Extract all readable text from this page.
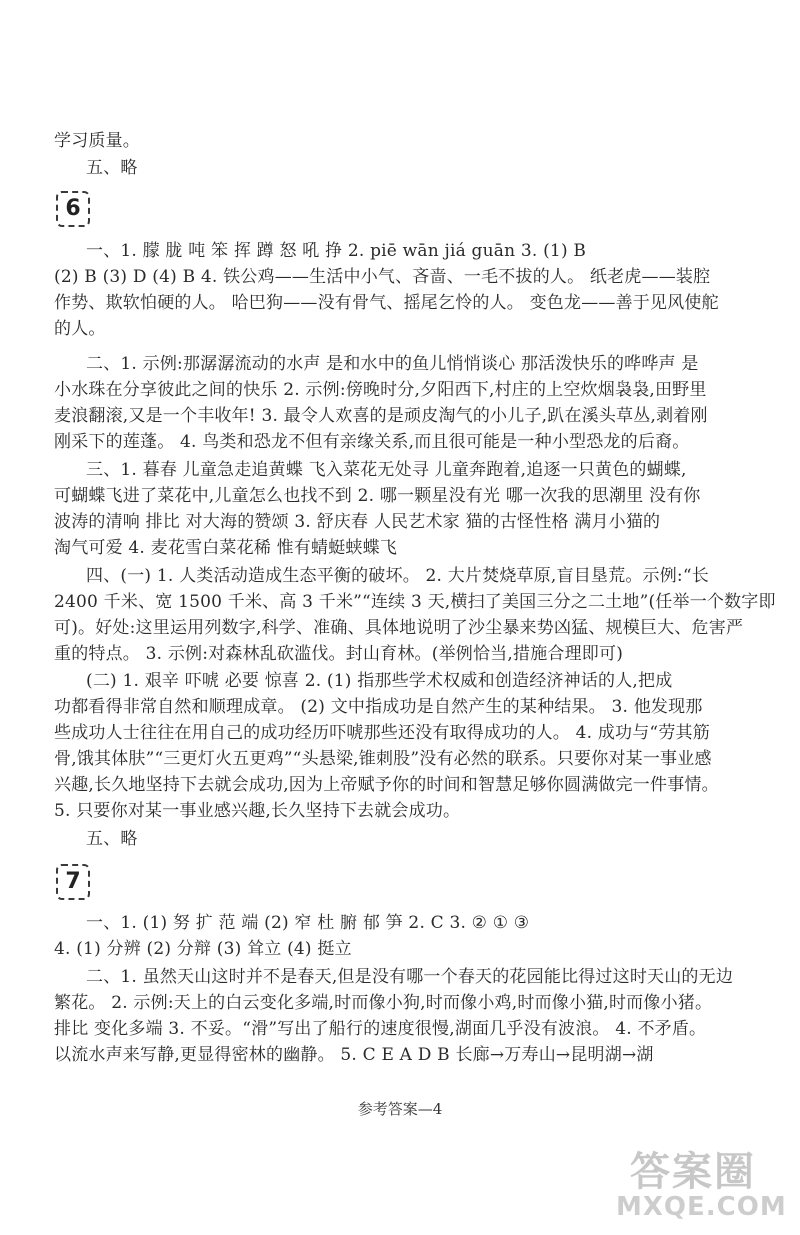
学习质量。
五、略
6
一、1. 朦 胧 吨 笨 挥 蹲 怒 吼 挣 2. piē wān jiá guān 3. (1) B
(2) B (3) D (4) B 4. 铁公鸡——生活中小气、吝啬、一毛不拔的人。 纸老虎——装腔
作势、欺软怕硬的人。 哈巴狗——没有骨气、摇尾乞怜的人。 变色龙——善于见风使舵
的人。
二、1. 示例:那潺潺流动的水声 是和水中的鱼儿悄悄谈心 那活泼快乐的哗哗声 是
小水珠在分享彼此之间的快乐 2. 示例:傍晚时分,夕阳西下,村庄的上空炊烟袅袅,田野里
麦浪翻滚,又是一个丰收年! 3. 最令人欢喜的是顽皮淘气的小儿子,趴在溪头草丛,剥着刚
刚采下的莲蓬。 4. 鸟类和恐龙不但有亲缘关系,而且很可能是一种小型恐龙的后裔。
三、1. 暮春 儿童急走追黄蝶 飞入菜花无处寻 儿童奔跑着,追逐一只黄色的蝴蝶,
可蝴蝶飞进了菜花中,儿童怎么也找不到 2. 哪一颗星没有光 哪一次我的思潮里 没有你
波涛的清响 排比 对大海的赞颂 3. 舒庆春 人民艺术家 猫的古怪性格 满月小猫的
淘气可爱 4. 麦花雪白菜花稀 惟有蜻蜓蛱蝶飞
四、(一) 1. 人类活动造成生态平衡的破坏。 2. 大片焚烧草原,盲目垦荒。示例:“长
2400 千米、宽 1500 千米、高 3 千米”“连续 3 天,横扫了美国三分之二土地”(任举一个数字即
可)。好处:这里运用列数字,科学、准确、具体地说明了沙尘暴来势凶猛、规模巨大、危害严
重的特点。 3. 示例:对森林乱砍滥伐。封山育林。(举例恰当,措施合理即可)
(二) 1. 艰辛 吓唬 必要 惊喜 2. (1) 指那些学术权威和创造经济神话的人,把成
功都看得非常自然和顺理成章。 (2) 文中指成功是自然产生的某种结果。 3. 他发现那
些成功人士往往在用自己的成功经历吓唬那些还没有取得成功的人。 4. 成功与“劳其筋
骨,饿其体肤”“三更灯火五更鸡”“头悬梁,锥刺股”没有必然的联系。只要你对某一事业感
兴趣,长久地坚持下去就会成功,因为上帝赋予你的时间和智慧足够你圆满做完一件事情。
5. 只要你对某一事业感兴趣,长久坚持下去就会成功。
五、略
7
一、1. (1) 努 扩 范 端 (2) 窄 杜 腑 郁 笋 2. C 3. ② ① ③
4. (1) 分辨 (2) 分辩 (3) 耸立 (4) 挺立
二、1. 虽然天山这时并不是春天,但是没有哪一个春天的花园能比得过这时天山的无边
繁花。 2. 示例:天上的白云变化多端,时而像小狗,时而像小鸡,时而像小猫,时而像小猪。
排比 变化多端 3. 不妥。“滑”写出了船行的速度很慢,湖面几乎没有波浪。 4. 不矛盾。
以流水声来写静,更显得密林的幽静。 5. C E A D B 长廊→万寿山→昆明湖→湖
参考答案—4
答案圈
MXQE.COM
